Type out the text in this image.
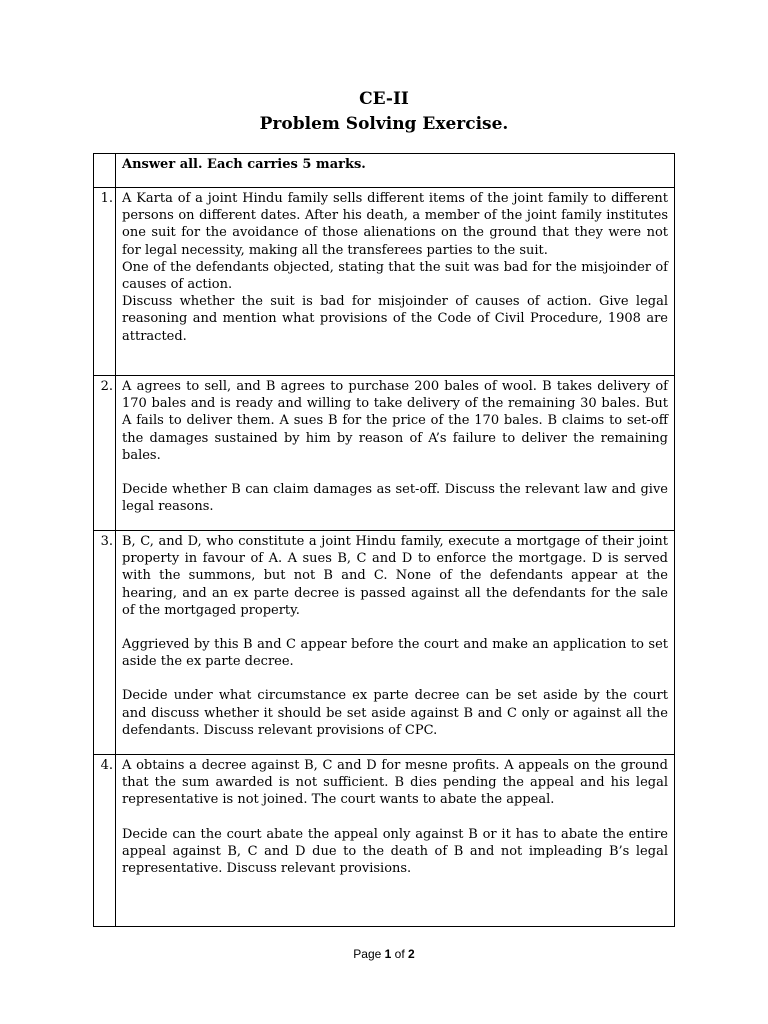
CE-II
Problem Solving Exercise.
	Answer all. Each carries 5 marks.
1.	A Karta of a joint Hindu family sells different items of the joint family to different persons on different dates. After his death, a member of the joint family institutes one suit for the avoidance of those alienations on the ground that they were not for legal necessity, making all the transferees parties to the suit.

One of the defendants objected, stating that the suit was bad for the misjoinder of causes of action.

Discuss whether the suit is bad for misjoinder of causes of action. Give legal reasoning and mention what provisions of the Code of Civil Procedure, 1908 are attracted.

2.	A agrees to sell, and B agrees to purchase 200 bales of wool. B takes delivery of 170 bales and is ready and willing to take delivery of the remaining 30 bales. But A fails to deliver them. A sues B for the price of the 170 bales. B claims to set-off the damages sustained by him by reason of A’s failure to deliver the remaining bales.

Decide whether B can claim damages as set-off. Discuss the relevant law and give legal reasons.

3.	B, C, and D, who constitute a joint Hindu family, execute a mortgage of their joint property in favour of A. A sues B, C and D to enforce the mortgage. D is served with the summons, but not B and C. None of the defendants appear at the hearing, and an ex parte decree is passed against all the defendants for the sale of the mortgaged property.

Aggrieved by this B and C appear before the court and make an application to set aside the ex parte decree.

Decide under what circumstance ex parte decree can be set aside by the court and discuss whether it should be set aside against B and C only or against all the defendants. Discuss relevant provisions of CPC.

4.	A obtains a decree against B, C and D for mesne profits. A appeals on the ground that the sum awarded is not sufficient. B dies pending the appeal and his legal representative is not joined. The court wants to abate the appeal.

Decide can the court abate the appeal only against B or it has to abate the entire appeal against B, C and D due to the death of B and not impleading B’s legal representative. Discuss relevant provisions.

Page 1 of 2
